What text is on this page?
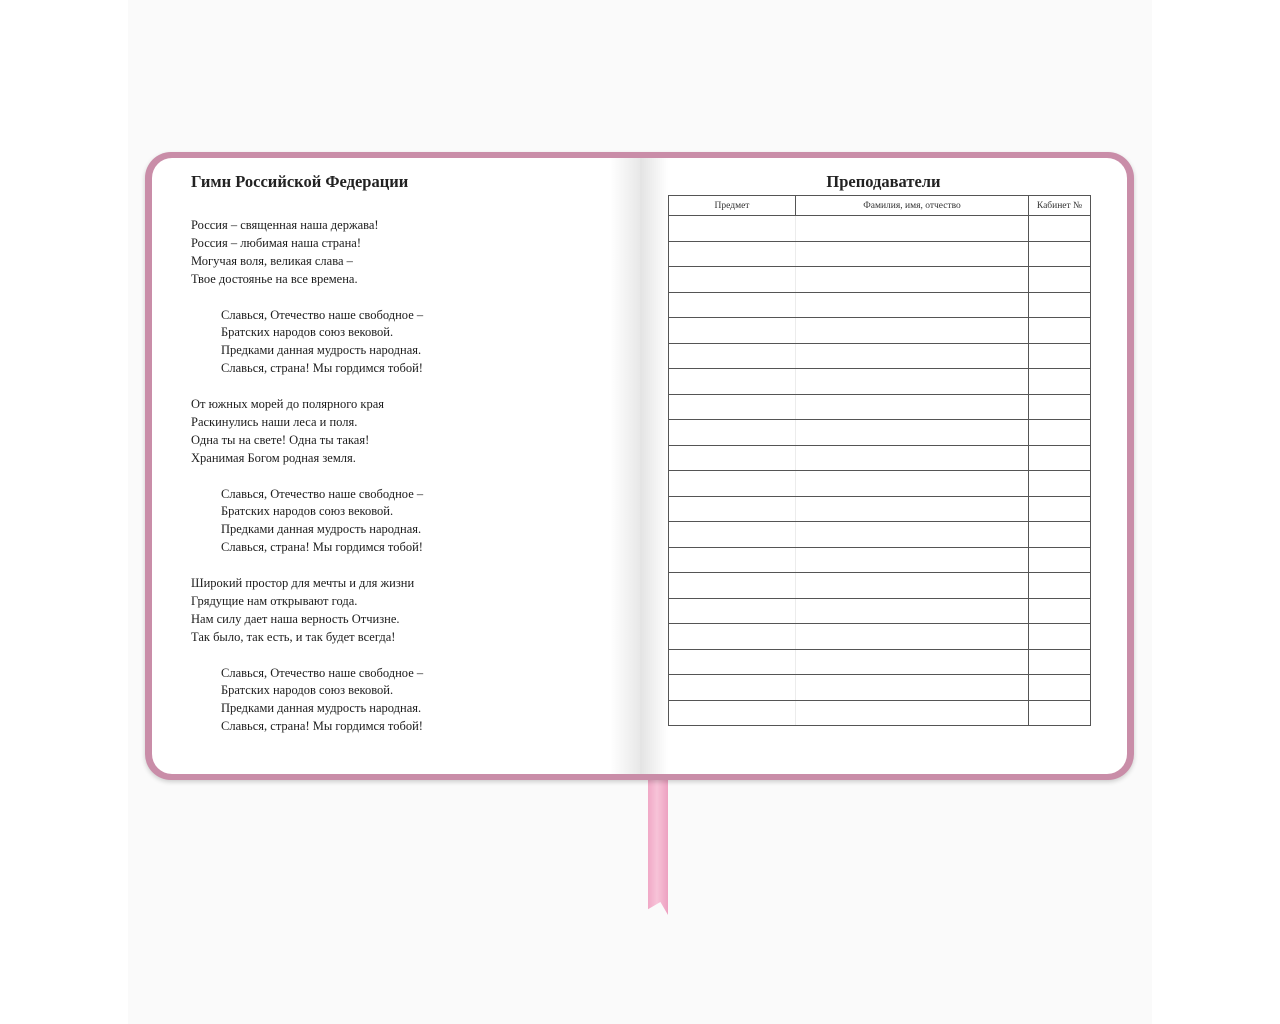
Гимн Российской Федерации
Россия – священная наша держава!
Россия – любимая наша страна!
Могучая воля, великая слава –
Твое достоянье на все времена.
Славься, Отечество наше свободное –
Братских народов союз вековой.
Предками данная мудрость народная.
Славься, страна! Мы гордимся тобой!
От южных морей до полярного края
Раскинулись наши леса и поля.
Одна ты на свете! Одна ты такая!
Хранимая Богом родная земля.
Славься, Отечество наше свободное –
Братских народов союз вековой.
Предками данная мудрость народная.
Славься, страна! Мы гордимся тобой!
Широкий простор для мечты и для жизни
Грядущие нам открывают года.
Нам силу дает наша верность Отчизне.
Так было, так есть, и так будет всегда!
Славься, Отечество наше свободное –
Братских народов союз вековой.
Предками данная мудрость народная.
Славься, страна! Мы гордимся тобой!
Преподаватели
Предмет	Фамилия, имя, отчество	Кабинет №
